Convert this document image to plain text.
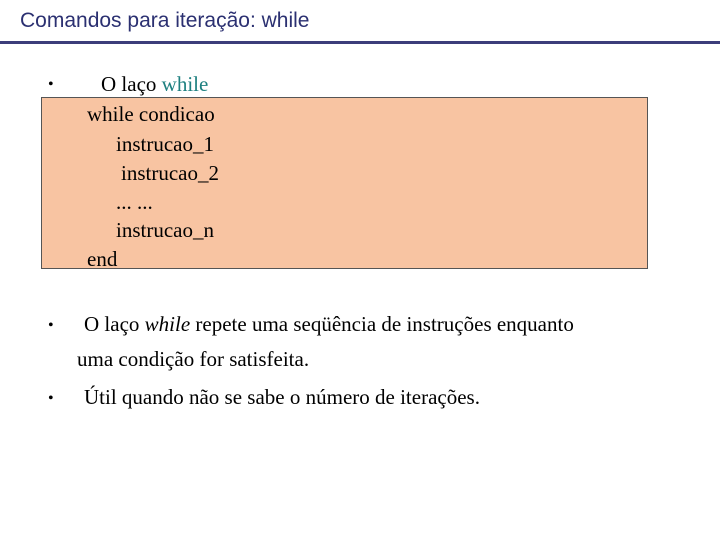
Comandos para iteração: while
• O laço while
while condicao
instrucao_1
instrucao_2
... ...
instrucao_n
end
• O laço while repete uma seqüência de instruções enquanto
uma condição for satisfeita.
• Útil quando não se sabe o número de iterações.
